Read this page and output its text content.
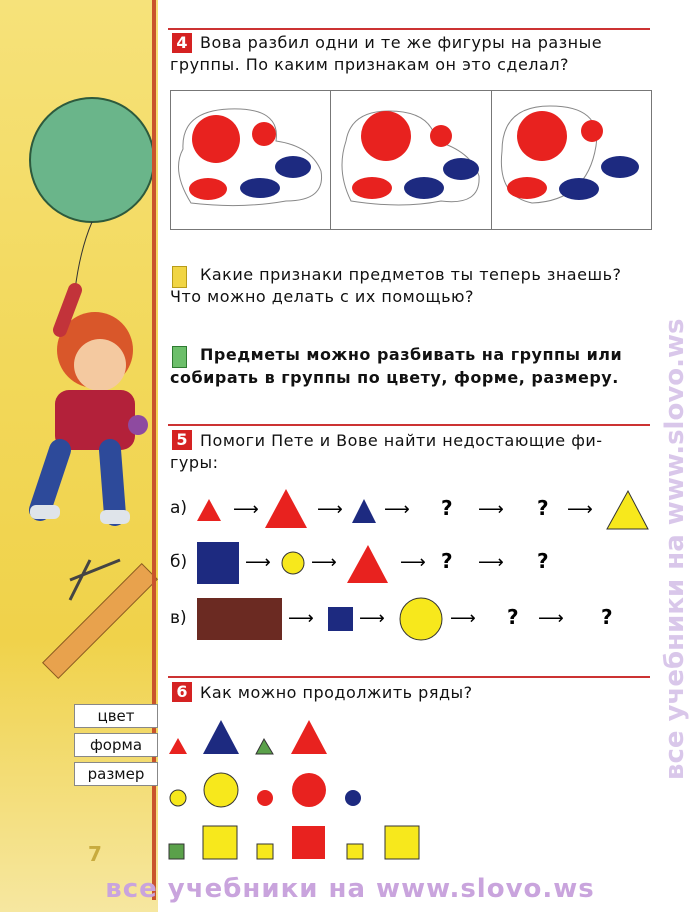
4 Вова разбил одни и те же фигуры на разные
группы. По каким признакам он это сделал?
Какие признаки предметов ты теперь знаешь?
Что можно делать с их помощью?
Предметы можно разбивать на группы или
собирать в группы по цвету, форме, размеру.
5 Помоги Пете и Вове найти недостающие фи-
гуры:
а)	⟶	⟶ ⟶ ? ⟶ ? ⟶
б)	⟶ ⟶	⟶ ? ⟶ ?
в)	⟶	⟶	⟶ ? ⟶ ?
6 Как можно продолжить ряды?
цвет
форма
размер
7
все учебники на www.slovo.ws
все учебники на www.slovo.ws
